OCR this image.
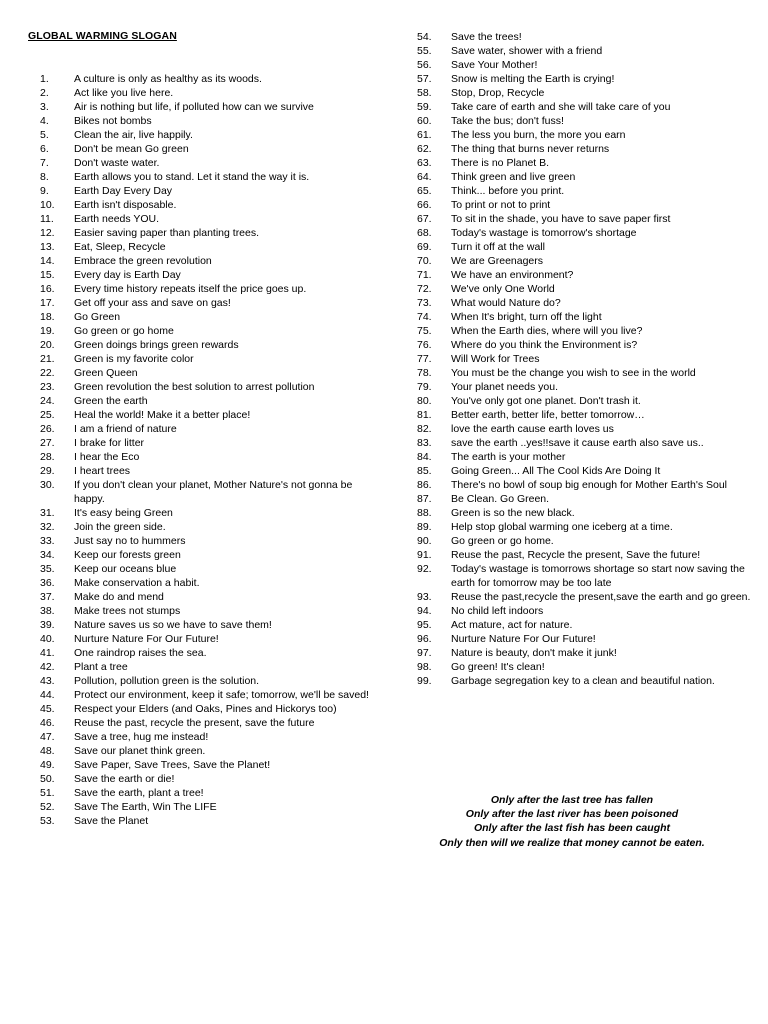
GLOBAL WARMING SLOGAN
1. A culture is only as healthy as its woods.
2. Act like you live here.
3. Air is nothing but life, if polluted how can we survive
4. Bikes not bombs
5. Clean the air, live happily.
6. Don't be mean Go green
7. Don't waste water.
8. Earth allows you to stand. Let it stand the way it is.
9. Earth Day Every Day
10. Earth isn't disposable.
11. Earth needs YOU.
12. Easier saving paper than planting trees.
13. Eat, Sleep, Recycle
14. Embrace the green revolution
15. Every day is Earth Day
16. Every time history repeats itself the price goes up.
17. Get off your ass and save on gas!
18. Go Green
19. Go green or go home
20. Green doings brings green rewards
21. Green is my favorite color
22. Green Queen
23. Green revolution the best solution to arrest pollution
24. Green the earth
25. Heal the world! Make it a better place!
26. I am a friend of nature
27. I brake for litter
28. I hear the Eco
29. I heart trees
30. If you don't clean your planet, Mother Nature's not gonna be happy.
31. It's easy being Green
32. Join the green side.
33. Just say no to hummers
34. Keep our forests green
35. Keep our oceans blue
36. Make conservation a habit.
37. Make do and mend
38. Make trees not stumps
39. Nature saves us so we have to save them!
40. Nurture Nature For Our Future!
41. One raindrop raises the sea.
42. Plant a tree
43. Pollution, pollution green is the solution.
44. Protect our environment, keep it safe; tomorrow, we'll be saved!
45. Respect your Elders (and Oaks, Pines and Hickorys too)
46. Reuse the past, recycle the present, save the future
47. Save a tree, hug me instead!
48. Save our planet think green.
49. Save Paper, Save Trees, Save the Planet!
50. Save the earth or die!
51. Save the earth, plant a tree!
52. Save The Earth, Win The LIFE
53. Save the Planet
54. Save the trees!
55. Save water, shower with a friend
56. Save Your Mother!
57. Snow is melting the Earth is crying!
58. Stop, Drop, Recycle
59. Take care of earth and she will take care of you
60. Take the bus; don't fuss!
61. The less you burn, the more you earn
62. The thing that burns never returns
63. There is no Planet B.
64. Think green and live green
65. Think... before you print.
66. To print or not to print
67. To sit in the shade, you have to save paper first
68. Today's wastage is tomorrow's shortage
69. Turn it off at the wall
70. We are Greenagers
71. We have an environment?
72. We've only One World
73. What would Nature do?
74. When It's bright, turn off the light
75. When the Earth dies, where will you live?
76. Where do you think the Environment is?
77. Will Work for Trees
78. You must be the change you wish to see in the world
79. Your planet needs you.
80. You've only got one planet. Don't trash it.
81. Better earth, better life, better tomorrow…
82. love the earth cause earth loves us
83. save the earth ..yes!!save it cause earth also save us..
84. The earth is your mother
85. Going Green... All The Cool Kids Are Doing It
86. There's no bowl of soup big enough for Mother Earth's Soul
87. Be Clean. Go Green.
88. Green is so the new black.
89. Help stop global warming one iceberg at a time.
90. Go green or go home.
91. Reuse the past, Recycle the present, Save the future!
92. Today's wastage is tomorrows shortage so start now saving the earth for tomorrow may be too late
93. Reuse the past,recycle the present,save the earth and go green.
94. No child left indoors
95. Act mature, act for nature.
96. Nurture Nature For Our Future!
97. Nature is beauty, don't make it junk!
98. Go green! It's clean!
99. Garbage segregation key to a clean and beautiful nation.
Only after the last tree has fallen
Only after the last river has been poisoned
Only after the last fish has been caught
Only then will we realize that money cannot be eaten.
